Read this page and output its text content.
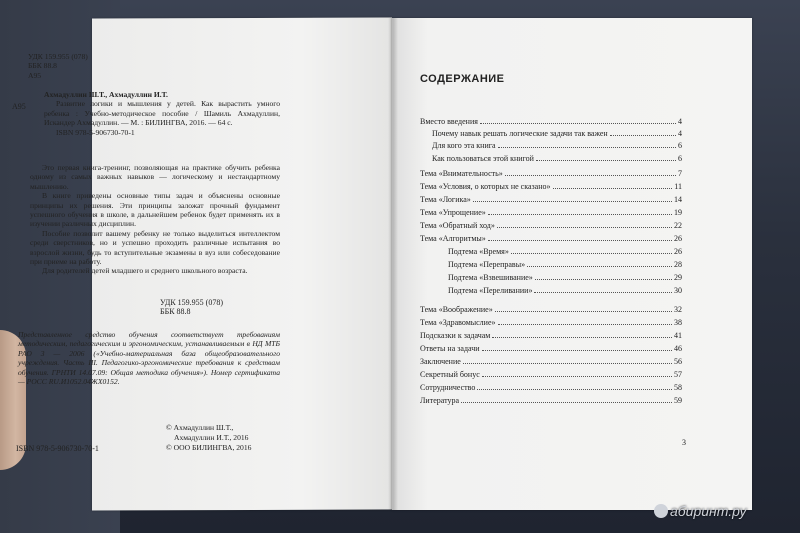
УДК 159.955 (078)
ББК 88.8
А95
А95
Ахмадуллин Ш.Т., Ахмадуллин И.Т.
Развитие логики и мышления у детей. Как вырастить умного ребенка : Учебно-методическое пособие / Шамиль Ахмадуллин, Искандер Ахмадуллин. — М. : БИЛИНГВА, 2016. — 64 с.
ISBN 978-5-906730-70-1

Это первая книга-тренинг, позволяющая на практике обучить ребенка одному из самых важных навыков — логическому и нестандартному мышлению.

В книге приведены основные типы задач и объяснены основные принципы их решения. Эти принципы заложат прочный фундамент успешного обучения в школе, в дальнейшем ребенок будет применять их в изучении различных дисциплин.

Пособие позволит вашему ребенку не только выделиться интеллектом среди сверстников, но и успешно проходить различные испытания во взрослой жизни, будь то вступительные экзамены в вуз или собеседование при приеме на работу.

Для родителей детей младшего и среднего школьного возраста.

УДК 159.955 (078)
ББК 88.8
Представленное средство обучения соответствует требованиям методическим, педагогическим и эргономическим, устанавливаемым в НД МТБ РАО 3 — 2006 («Учебно-материальная база общеобразовательного учреждения. Часть III. Педагогико-эргономические требования к средствам обучения. ГРНТИ 14.07.09: Общая методика обучения»). Номер сертификата — РОСС RU.И1052.04ЖХ0152.
© Ахмадуллин Ш.Т.,
Ахмадуллин И.Т., 2016
© ООО БИЛИНГВА, 2016
ISBN 978-5-906730-70-1
СОДЕРЖАНИЕ
Вместо введения	4
Почему навык решать логические задачи так важен	4
Для кого эта книга	6
Как пользоваться этой книгой	6
Тема «Внимательность»	7
Тема «Условия, о которых не сказано»	11
Тема «Логика»	14
Тема «Упрощение»	19
Тема «Обратный ход»	22
Тема «Алгоритмы»	26
Подтема «Время»	26
Подтема «Переправы»	28
Подтема «Взвешивание»	29
Подтема «Переливании»	30
Тема «Воображение»	32
Тема «Здравомыслие»	38
Подсказки к задачам	41
Ответы на задачи	46
Заключение	56
Секретный бонус	57
Сотрудничество	58
Литература	59
3
абиринт.ру
